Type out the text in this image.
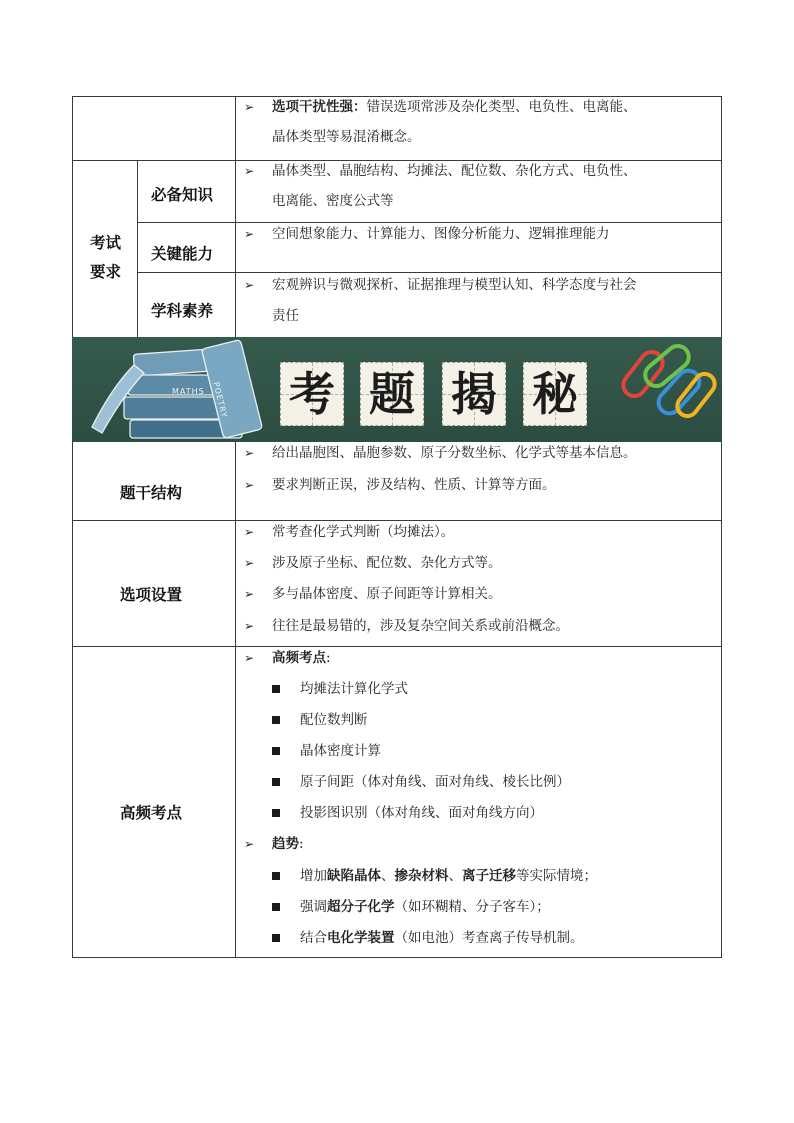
➢ 选项干扰性强：错误选项常涉及杂化类型、电负性、电离能、
晶体类型等易混淆概念。
考试
要求
必备知识
➢ 晶体类型、晶胞结构、均摊法、配位数、杂化方式、电负性、
电离能、密度公式等
关键能力
➢ 空间想象能力、计算能力、图像分析能力、逻辑推理能力
学科素养
➢ 宏观辨识与微观探析、证据推理与模型认知、科学态度与社会
责任
MATHS POETRY 考 题 揭 秘
题干结构
➢ 给出晶胞图、晶胞参数、原子分数坐标、化学式等基本信息。
➢ 要求判断正误，涉及结构、性质、计算等方面。
选项设置
➢ 常考查化学式判断（均摊法）。
➢ 涉及原子坐标、配位数、杂化方式等。
➢ 多与晶体密度、原子间距等计算相关。
➢ 往往是最易错的，涉及复杂空间关系或前沿概念。
高频考点
➢ 高频考点:
均摊法计算化学式
配位数判断
晶体密度计算
原子间距（体对角线、面对角线、棱长比例）
投影图识别（体对角线、面对角线方向）
➢ 趋势:
增加缺陷晶体、掺杂材料、离子迁移等实际情境；
强调超分子化学（如环糊精、分子客车）；
结合电化学装置（如电池）考查离子传导机制。
